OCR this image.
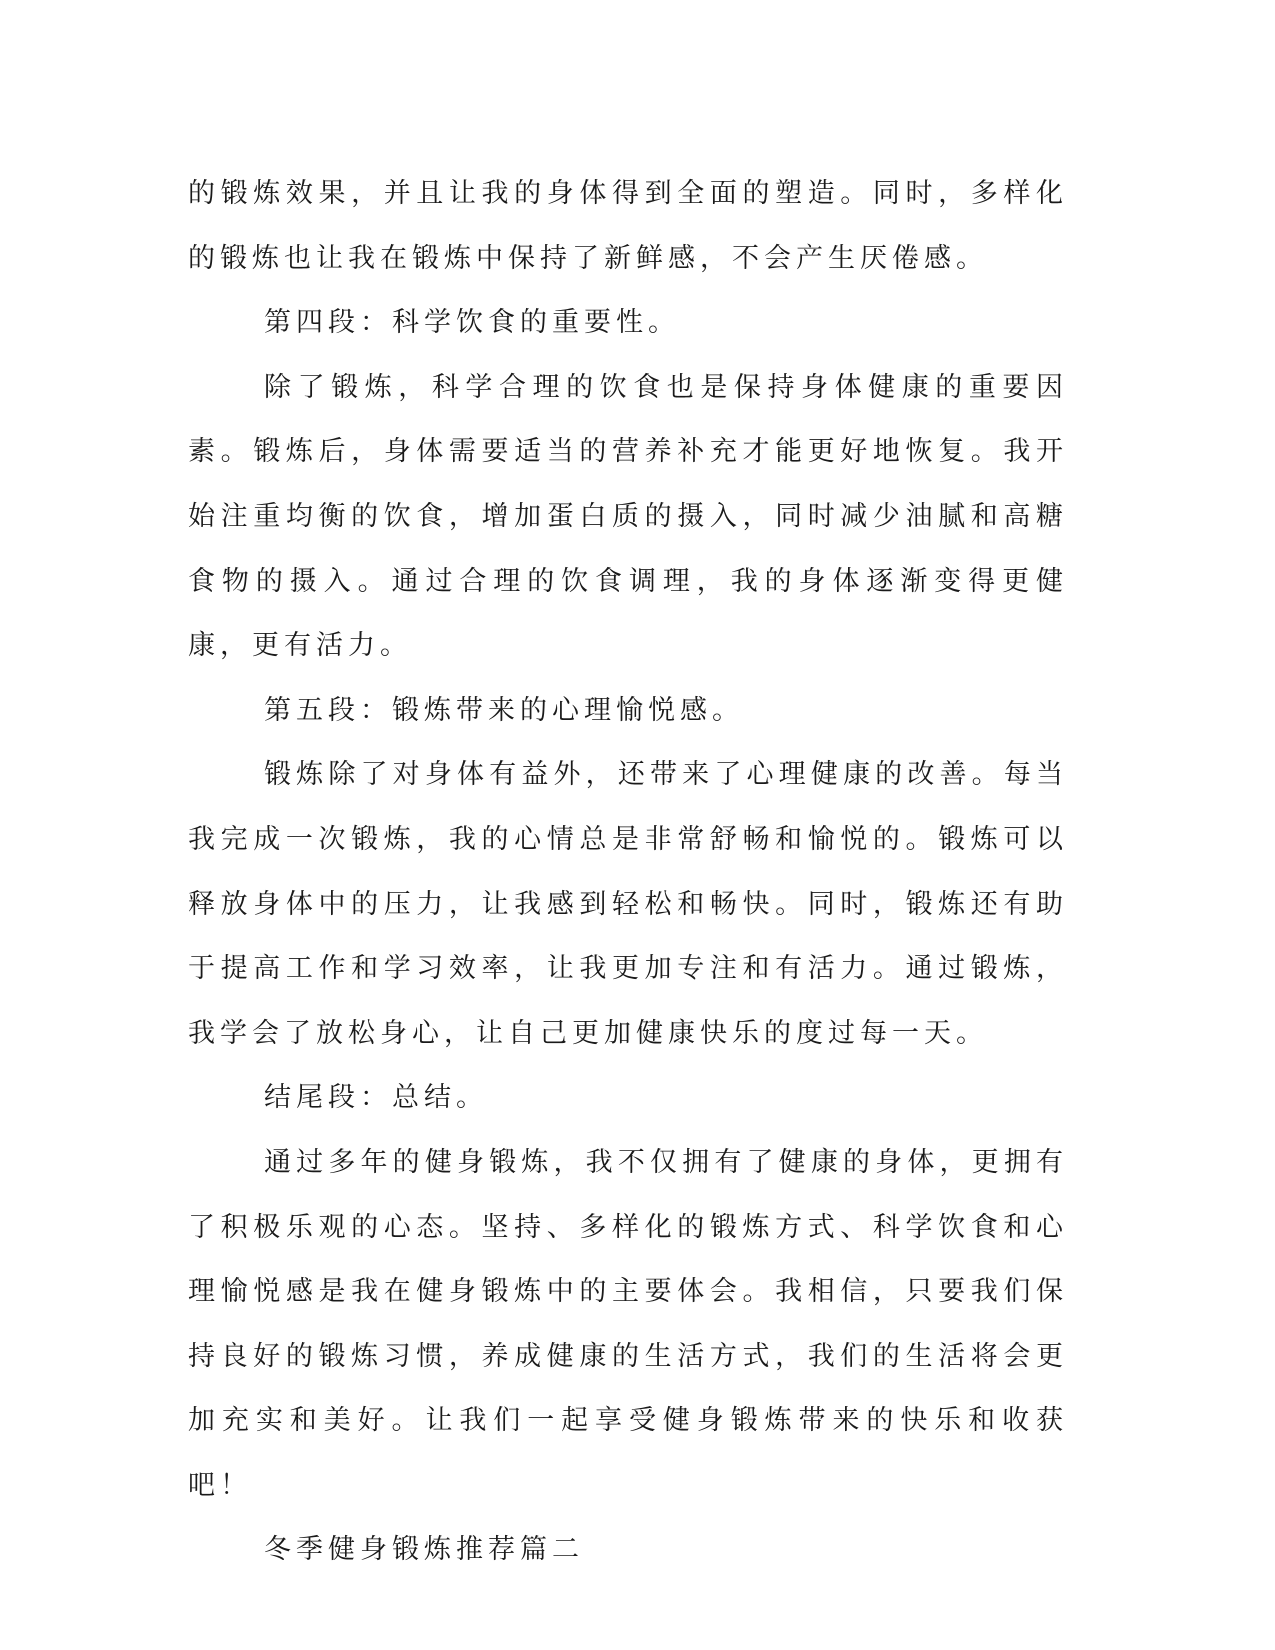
的锻炼效果，并且让我的身体得到全面的塑造。同时，多样化的锻炼也让我在锻炼中保持了新鲜感，不会产生厌倦感。

第四段：科学饮食的重要性。

除了锻炼，科学合理的饮食也是保持身体健康的重要因素。锻炼后，身体需要适当的营养补充才能更好地恢复。我开始注重均衡的饮食，增加蛋白质的摄入，同时减少油腻和高糖食物的摄入。通过合理的饮食调理，我的身体逐渐变得更健康，更有活力。

第五段：锻炼带来的心理愉悦感。

锻炼除了对身体有益外，还带来了心理健康的改善。每当我完成一次锻炼，我的心情总是非常舒畅和愉悦的。锻炼可以释放身体中的压力，让我感到轻松和畅快。同时，锻炼还有助于提高工作和学习效率，让我更加专注和有活力。通过锻炼，我学会了放松身心，让自己更加健康快乐的度过每一天。

结尾段：总结。

通过多年的健身锻炼，我不仅拥有了健康的身体，更拥有了积极乐观的心态。坚持、多样化的锻炼方式、科学饮食和心理愉悦感是我在健身锻炼中的主要体会。我相信，只要我们保持良好的锻炼习惯，养成健康的生活方式，我们的生活将会更加充实和美好。让我们一起享受健身锻炼带来的快乐和收获吧！

冬季健身锻炼推荐篇二
